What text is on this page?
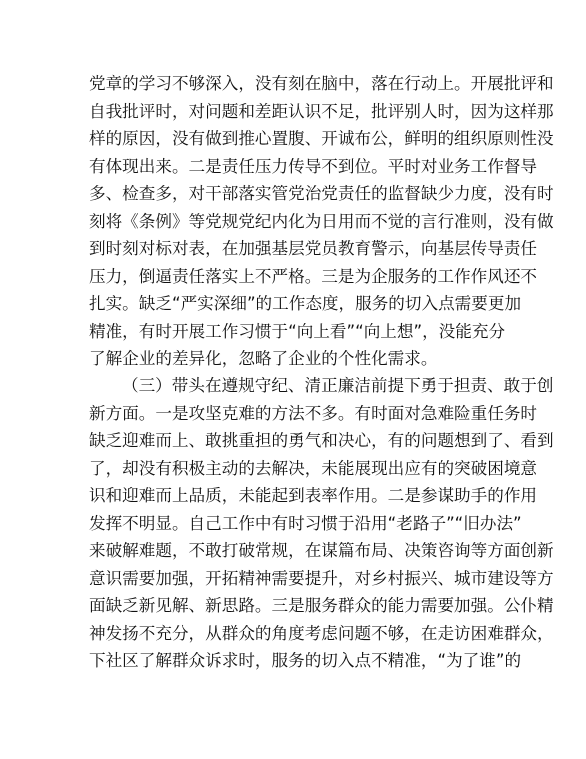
党章的学习不够深入，没有刻在脑中，落在行动上。开展批评和
自我批评时，对问题和差距认识不足，批评别人时，因为这样那
样的原因，没有做到推心置腹、开诚布公，鲜明的组织原则性没
有体现出来。二是责任压力传导不到位。平时对业务工作督导
多、检查多，对干部落实管党治党责任的监督缺少力度，没有时
刻将《条例》等党规党纪内化为日用而不觉的言行准则，没有做
到时刻对标对表，在加强基层党员教育警示，向基层传导责任
压力，倒逼责任落实上不严格。三是为企服务的工作作风还不
扎实。缺乏“严实深细”的工作态度，服务的切入点需要更加
精准，有时开展工作习惯于“向上看”“向上想”，没能充分
了解企业的差异化，忽略了企业的个性化需求。
（三）带头在遵规守纪、清正廉洁前提下勇于担责、敢于创
新方面。一是攻坚克难的方法不多。有时面对急难险重任务时
缺乏迎难而上、敢挑重担的勇气和决心，有的问题想到了、看到
了，却没有积极主动的去解决，未能展现出应有的突破困境意
识和迎难而上品质，未能起到表率作用。二是参谋助手的作用
发挥不明显。自己工作中有时习惯于沿用“老路子”“旧办法”
来破解难题，不敢打破常规，在谋篇布局、决策咨询等方面创新
意识需要加强，开拓精神需要提升，对乡村振兴、城市建设等方
面缺乏新见解、新思路。三是服务群众的能力需要加强。公仆精
神发扬不充分，从群众的角度考虑问题不够，在走访困难群众，
下社区了解群众诉求时，服务的切入点不精准，“为了谁”的
